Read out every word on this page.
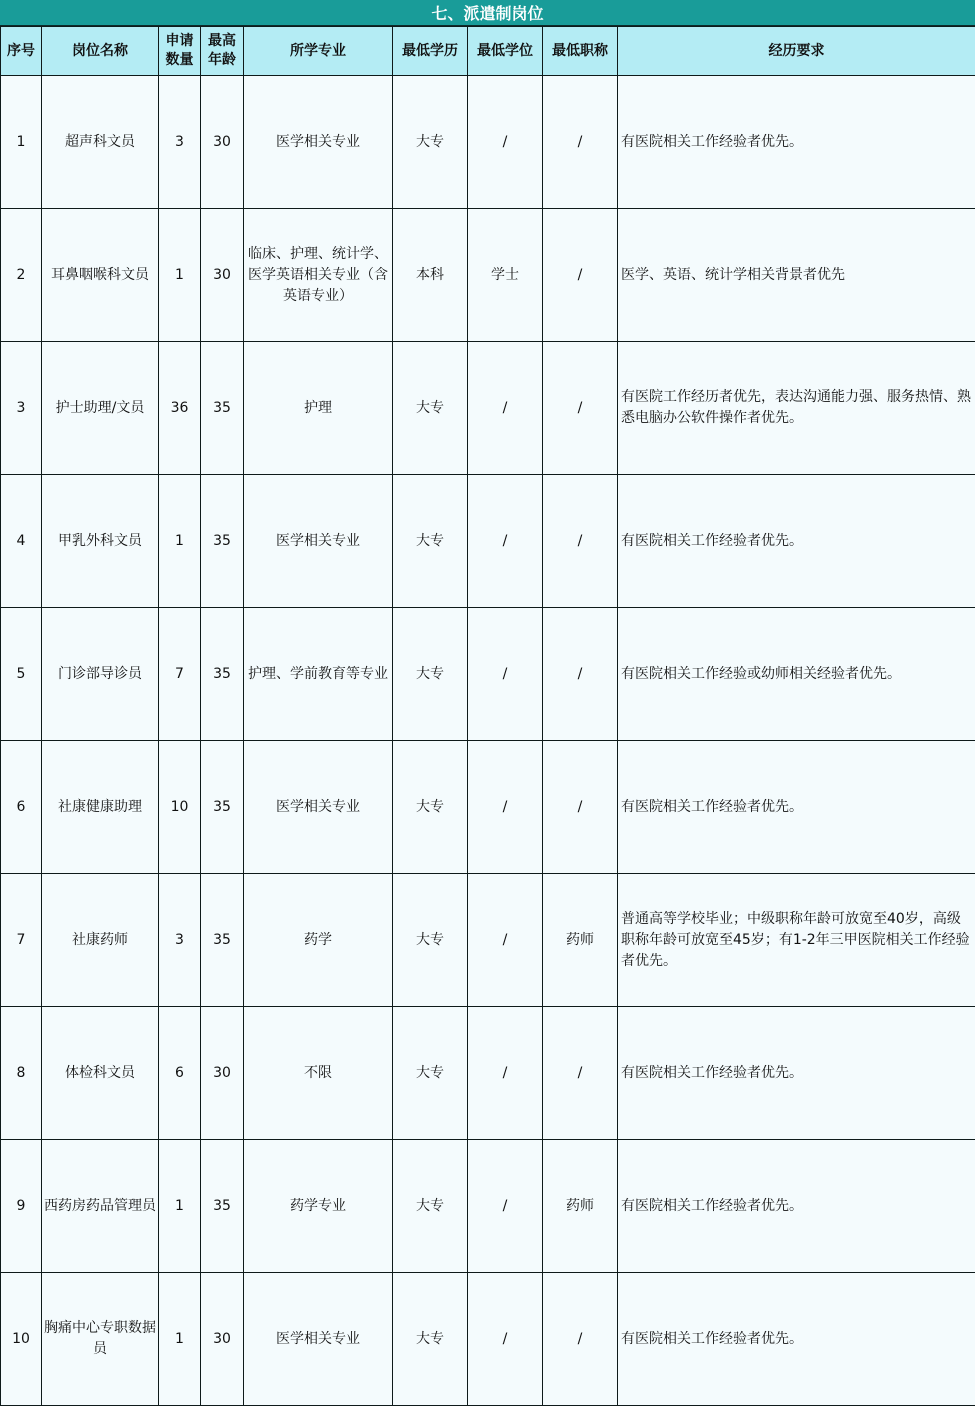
七、派遣制岗位
序号	岗位名称	申请数量	最高年龄	所学专业	最低学历	最低学位	最低职称	经历要求
1	超声科文员	3	30	医学相关专业	大专	/	/	有医院相关工作经验者优先。
2	耳鼻咽喉科文员	1	30	临床、护理、统计学、医学英语相关专业（含英语专业）	本科	学士	/	医学、英语、统计学相关背景者优先
3	护士助理/文员	36	35	护理	大专	/	/	有医院工作经历者优先，表达沟通能力强、服务热情、熟悉电脑办公软件操作者优先。
4	甲乳外科文员	1	35	医学相关专业	大专	/	/	有医院相关工作经验者优先。
5	门诊部导诊员	7	35	护理、学前教育等专业	大专	/	/	有医院相关工作经验或幼师相关经验者优先。
6	社康健康助理	10	35	医学相关专业	大专	/	/	有医院相关工作经验者优先。
7	社康药师	3	35	药学	大专	/	药师	普通高等学校毕业；中级职称年龄可放宽至40岁，高级职称年龄可放宽至45岁；有1-2年三甲医院相关工作经验者优先。
8	体检科文员	6	30	不限	大专	/	/	有医院相关工作经验者优先。
9	西药房药品管理员	1	35	药学专业	大专	/	药师	有医院相关工作经验者优先。
10	胸痛中心专职数据员	1	30	医学相关专业	大专	/	/	有医院相关工作经验者优先。
